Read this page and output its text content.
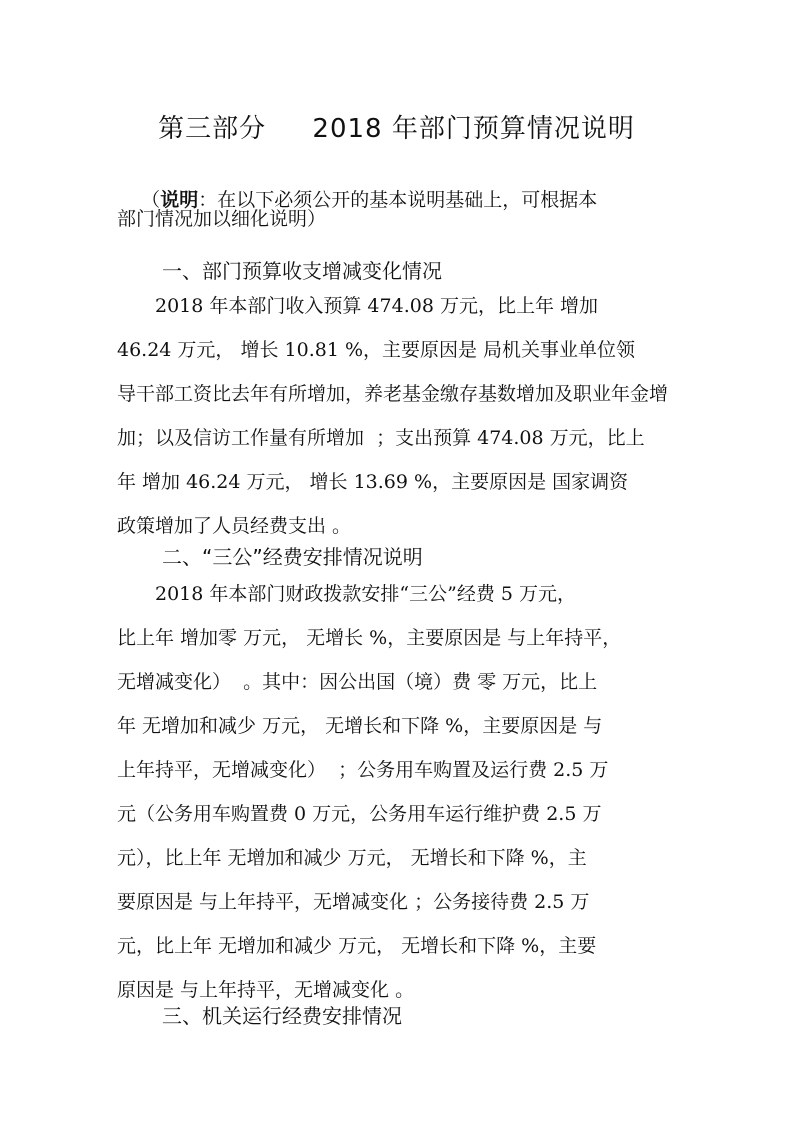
第三部分     2018 年部门预算情况说明

（说明：在以下必须公开的基本说明基础上，可根据本

部门情况加以细化说明）
一、部门预算收支增减变化情况
　　2018 年本部门收入预算 474.08 万元，比上年 增加
46.24 万元， 增长 10.81 %，主要原因是 局机关事业单位领
导干部工资比去年有所增加，养老基金缴存基数增加及职业年金增
加；以及信访工作量有所增加  ；支出预算 474.08 万元，比上
年 增加 46.24 万元， 增长 13.69 %，主要原因是 国家调资
政策增加了人员经费支出 。
二、“三公”经费安排情况说明
　　2018 年本部门财政拨款安排“三公”经费 5 万元，
比上年 增加零 万元， 无增长 %，主要原因是 与上年持平，
无增减变化）  。其中：因公出国（境）费 零 万元，比上
年 无增加和减少 万元， 无增长和下降 %，主要原因是 与
上年持平，无增减变化）  ；公务用车购置及运行费 2.5 万
元（公务用车购置费 0 万元，公务用车运行维护费 2.5 万
元），比上年 无增加和减少 万元， 无增长和下降 %，主
要原因是 与上年持平，无增减变化 ；公务接待费 2.5 万
元，比上年 无增加和减少 万元， 无增长和下降 %，主要
原因是 与上年持平，无增减变化 。
三、机关运行经费安排情况
